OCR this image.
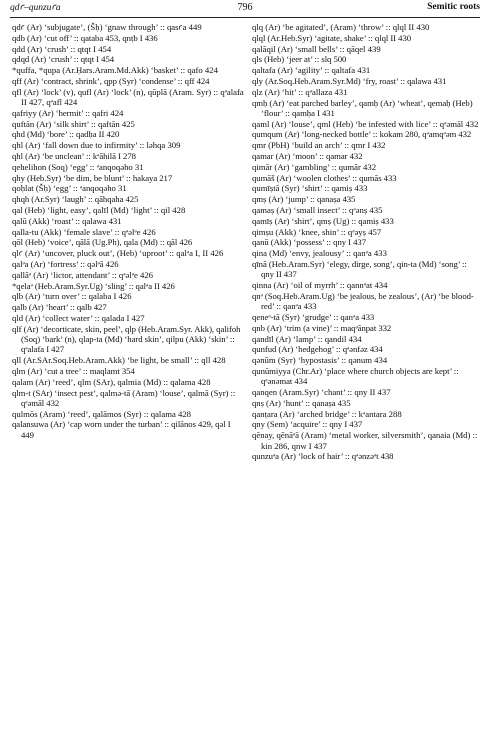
qdꜥ–qunzuꜥa	796	Semitic roots

qdꜥ (Ar) ‘subjugate’, (Šḥ) ‘gnaw through’ :: qasꜥa 449

qdb (Ar) ‘cut off’ :: qataba 453, qnṭb I 436

qdd (Ar) ‘crush’ :: qtqt I 454

qdqd (Ar) ‘crush’ :: qtqt I 454

*quffa, *qupa (Ar.Ḥars.Aram.Md.Akk) ‘basket’ :: qafo 424

qff (Ar) ‘contract, shrink’, qpp (Syr) ‘condense’ :: qff 424

qfl (Ar) ‘lock’ (v), qufl (Ar) ‘lock’ (n), qūplā (Aram. Syr) :: qᵊalafa II 427, qᵊafl 424

qafriyy (Ar) ‘hermit’ :: qafri 424

quftān (Ar) ‘silk shirt’ :: qaftān 425

qhd (Md) ‘bore’ :: qadḥa II 420

qhl (Ar) ‘fall down due to infirmity’ :: ləhqa 309

qhl (Ar) ‘be unclean’ :: kᵊāhilā I 278

qehelihon (Soq) ‘egg’ :: ᵊanqoqəho 31

qhy (Heb.Syr) ‘be dim, be blunt’ :: hakaya 217

qoḥlat (Šḥ) ‘egg’ :: ᵊanqoqəho 31

qhqh (Ar.Syr) ‘laugh’ :: qāhqaha 425

qal (Heb) ‘light, easy’, qalīl (Md) ‘light’ :: qil 428

qalū (Akk) ‘roast’ :: qalawa 431

qalla-tu (Akk) ‘female slave’ :: qᵊəlᵊe 426

qōl (Heb) ‘voice’, qālā (Ug.Ph), qala (Md) :: qāl 426

qlꜥ (Ar) ‘uncover, pluck out’, (Heb) ‘uproot’ :: qalᵊa I, II 426

qalᵊa (Ar) ‘fortress’ :: qəlᵊā 426

qallāᵊ (Ar) ‘lictor, attendant’ :: qᵊəlᵊe 426

*qelaᵊ (Heb.Aram.Syr.Ug) ‘sling’ :: qalᵊa II 426

qlb (Ar) ‘turn over’ :: qalaba I 426

qalb (Ar) ‘heart’ :: qalb 427

qld (Ar) ‘collect water’ :: qalada I 427

qlf (Ar) ‘decorticate, skin, peel’, qlp (Heb.Aram.Syr. Akk), qalifoh (Soq) ‘bark’ (n), qlap-ta (Md) ‘hard skin’, qilpu (Akk) ‘skin’ :: qᵊalafa I 427

qll (Ar.SAr.Soq.Heb.Aram.Akk) ‘be light, be small’ :: qll 428

qlm (Ar) ‘cut a tree’ :: maqlamt 354

qalam (Ar) ‘reed’, qlm (SAr), qalmia (Md) :: qalama 428

qlm-t (SAr) ‘insect pest’, qalmə-tā (Aram) ‘louse’, qalmā (Syr) :: qᵊəmāl 432

qulmōs (Aram) ‘reed’, qalāmos (Syr) :: qalama 428

qalansuwa (Ar) ‘cap worn under the turban’ :: qilānos 429, qəl I 449

qlq (Ar) ‘be agitated’, (Aram) ‘throw’ :: qlql II 430

qlql (Ar.Heb.Syr) ‘agitate, shake’ :: qlql II 430

qalāqil (Ar) ‘small bells’ :: qāqel 439

qls (Heb) ‘jeer at’ :: slq 500

qaltafa (Ar) ‘agility’ :: qaltafa 431

qly (Ar.Soq.Heb.Aram.Syr.Md) ‘fry, roast’ :: qalawa 431

qlz (Ar) ‘hit’ :: qᵊallaza 431

qmḥ (Ar) ‘eat parched barley’, qamḥ (Ar) ‘wheat’, qemaḥ (Heb) ‘flour’ :: qamḥa I 431

qaml (Ar) ‘louse’, qml (Heb) ‘be infested with lice’ :: qᵊəmāl 432

qumqum (Ar) ‘long-necked bottle’ :: kokam 280, qᵊamqᵊəm 432

qmr (PbH) ‘build an arch’ :: qmr I 432

qamar (Ar) ‘moon’ :: qamar 432

qimār (Ar) ‘gambling’ :: qumār 432

qumāš (Ar) ‘woolen clothes’ :: qumās 433

qumīṣtā (Syr) ‘shirt’ :: qamiṣ 433

qmṣ (Ar) ‘jump’ :: qanaṣa 435

qamaṣ (Ar) ‘small insect’ :: qᵊənṣ 435

qamīṣ (Ar) ‘shirt’, qmṣ (Ug) :: qamiṣ 433

qimṣu (Akk) ‘knee, shin’ :: qᵊəyṣ 457

qanū (Akk) ‘possess’ :: qny I 437

qina (Md) ‘envy, jealousy’ :: qanᵊa 433

qīnā (Heb.Aram.Syr) ‘elegy, dirge, song’, qin-ta (Md) ‘song’ :: qny II 437

qinna (Ar) ‘oil of myrrh’ :: qannᵊat 434

qnᵊ (Soq.Heb.Aram.Ug) ‘be jealous, be zealous’, (Ar) ‘be blood-red’ :: qanᵊa 433

qeneᵊ-tā (Syr) ‘grudge’ :: qanᵊa 433

qnb (Ar) ‘trim (a vine)’ :: maqᵊānpat 332

qandīl (Ar) ‘lamp’ :: qandil 434

qunfud (Ar) ‘hedgehog’ :: qᵊənfəz 434

qənūm (Syr) ‘hypostasis’ :: qənum 434

qunūmiyya (Chr.Ar) ‘place where church objects are kept’ :: qᵊənəmat 434

qanqen (Aram.Syr) ‘chant’ :: qny II 437

qnṣ (Ar) ‘hunt’ :: qanaṣa 435

qanṭara (Ar) ‘arched bridge’ :: kᵊantara 288

qny (Sem) ‘acquire’ :: qny I 437

qēnay, qēnāᵊā (Aram) ‘metal worker, silversmith’, qanaia (Md) :: kin 286, qnw I 437

qunzuᵊa (Ar) ‘lock of hair’ :: qᵊənzəᵊt 438
